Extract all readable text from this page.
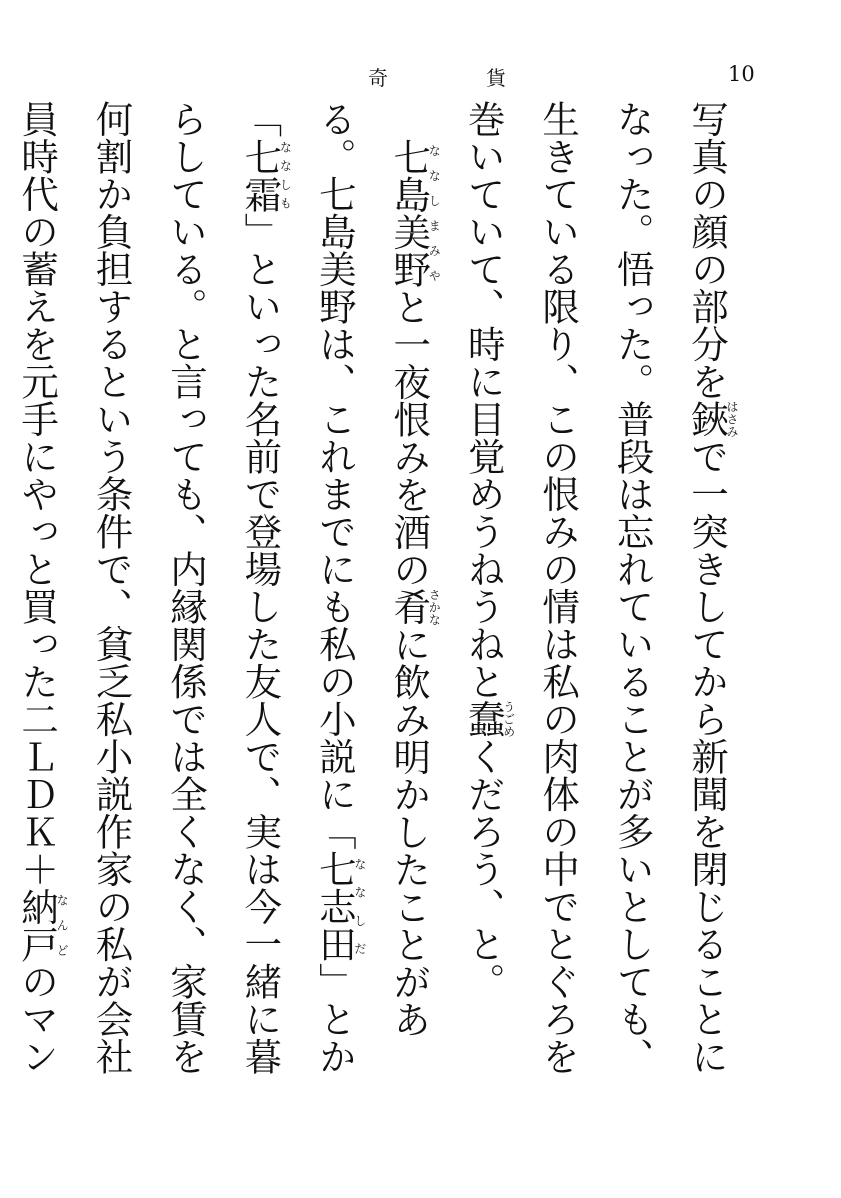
奇	貨	10

写真の顔の部分を鋏はさみで一突きしてから新聞を閉じることになった。悟った。普段は忘れていることが多いとしても、生きている限り、この恨みの情は私の肉体の中でとぐろを巻いていて、時に目覚めうねうねと蠢うごめくだろう、と。

七島美野ななしまみやと一夜恨みを酒の肴さかなに飲み明かしたことがある。七島美野は、これまでにも私の小説に「七志田ななしだ」とか「七霜ななしも」といった名前で登場した友人で、実は今一緒に暮らしている。と言っても、内縁関係では全くなく、家賃を何割か負担するという条件で、貧乏私小説作家の私が会社員時代の蓄えを元手にやっと買った二ＬＤＫ＋納戸なんどのマン
